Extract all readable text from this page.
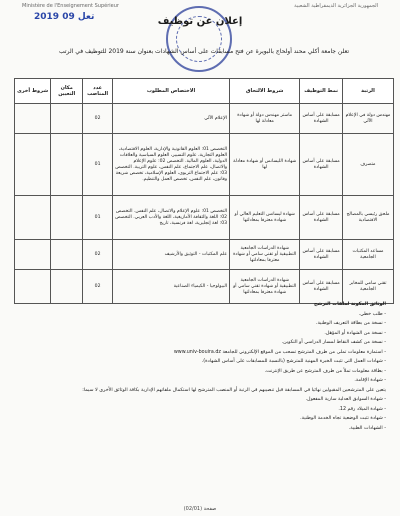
Ministère de l'Enseignement Supérieur	الجمهورية الجزائرية الديمقراطية الشعبية
2019 تعل 09	إعلان عن توظيف
تعلن جامعة أكلي محند أولحاج بالبويرة عن فتح مسابقات على أساس الشهادات بعنوان سنة 2019 للتوظيف في الرتب
الرتبة	نمط التوظيف	شروط الالتحاق	الاختصاص المطلوب	عدد المناصب	مكان التعيين	شروط أخرى
مهندس دولة في الإعلام الآلي	مسابقة على أساس الشهادة	ماستر مهندس دولة أو شهادة معادلة لها	الإعلام الآلي	02		
متصرف	مسابقة على أساس الشهادة	شهادة الليسانس أو شهادة معادلة لها	التخصص 01: العلوم القانونية والإدارية، العلوم الاقتصادية، العلوم التجارية، علوم التسيير، العلوم السياسية والعلاقات الدولية، العلوم المالية. التخصص 02: علوم الإعلام والاتصال، علم الاجتماع، علم النفس، علوم التربية. التخصص 03: علم الاجتماع التربوي، العلوم الإسلامية، تخصص شريعة وقانون، علم النفس، تخصص العمل والتنظيم.	01		
ملحق رئيسي بالمصالح الاقتصادية	مسابقة على أساس الشهادة	شهادة ليسانس التعليم العالي أو شهادة معترفا بمعادلتها	التخصص 01: علوم الإعلام والاتصال، علم النفس. التخصص 02: اللغة والثقافة الأمازيغية، اللغة والأدب العربي. التخصص 03: لغة إنجليزية، لغة فرنسية، تاريخ	01		
مساعد المكتبات الجامعية	مسابقة على أساس الشهادة	شهادة الدراسات الجامعية التطبيقية أو تقني سامي أو شهادة معترفا بمعادلتها	علم المكتبات - التوثيق والأرشيف	02		
تقني سامي للمخابر الجامعية	مسابقة على أساس الشهادة	شهادة الدراسات الجامعية التطبيقية أو شهادة تقني سامي أو شهادة معترفا بمعادلتها	البيولوجيا - الكيمياء الصناعية	02		
الوثائق المكونة لملفات الترشح
- طلب خطي.
- نسخة من بطاقة التعريف الوطنية.
- نسخة من الشهادة أو المؤهل.
- نسخة من كشف النقاط لمسار الدراسي أو التكوين.
- استمارة معلومات تملى من طرف المترشح تسحب من الموقع الإلكتروني للجامعة www.univ-bouira.dz
- شهادات العمل التي تثبت الخبرة المهنية للمترشح (بالنسبة للمسابقات على أساس الشهادة).
- بطاقة معلومات تملأ من طرف المترشح عن طريق الإنترنت.
- شهادة الإقامة.
يتعين على المترشحين المقبولين نهائيا في المسابقة قبل تنصيبهم في الرتبة أو المنصب المترشح لها استكمال ملفاتهم الإدارية بكافة الوثائق الأخرى لا سيما:
- شهادة السوابق العدلية سارية المفعول.
- شهادة الميلاد رقم 12.
- شهادة تثبت الوضعية تجاه الخدمة الوطنية.
- الشهادات الطبية.
صفحة (02/01)
